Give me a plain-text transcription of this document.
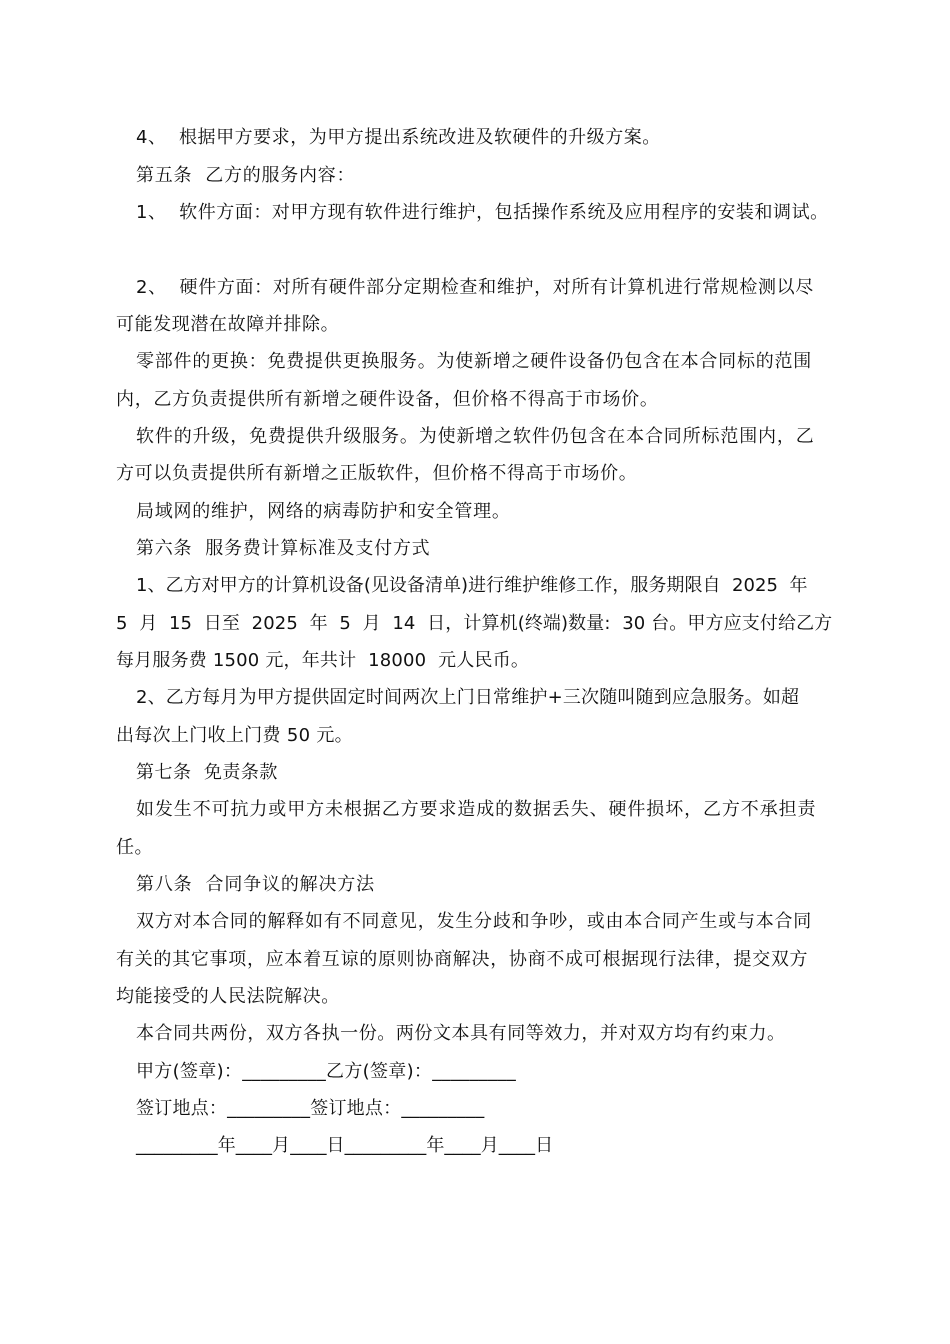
4、  根据甲方要求，为甲方提出系统改进及软硬件的升级方案。

第五条  乙方的服务内容：

1、  软件方面：对甲方现有软件进行维护，包括操作系统及应用程序的安装和调试。

2、  硬件方面：对所有硬件部分定期检查和维护，对所有计算机进行常规检测以尽

可能发现潜在故障并排除。

零部件的更换：免费提供更换服务。为使新增之硬件设备仍包含在本合同标的范围

内，乙方负责提供所有新增之硬件设备，但价格不得高于市场价。

软件的升级，免费提供升级服务。为使新增之软件仍包含在本合同所标范围内，乙

方可以负责提供所有新增之正版软件，但价格不得高于市场价。

局域网的维护，网络的病毒防护和安全管理。

第六条  服务费计算标准及支付方式

1、乙方对甲方的计算机设备(见设备清单)进行维护维修工作，服务期限自  2025  年

5  月  15  日至  2025  年  5  月  14  日，计算机(终端)数量:  30 台。甲方应支付给乙方

每月服务费 1500 元，年共计  18000  元人民币。

2、乙方每月为甲方提供固定时间两次上门日常维护+三次随叫随到应急服务。如超

出每次上门收上门费 50 元。

第七条  免责条款

如发生不可抗力或甲方未根据乙方要求造成的数据丢失、硬件损坏，乙方不承担责

任。

第八条  合同争议的解决方法

双方对本合同的解释如有不同意见，发生分歧和争吵，或由本合同产生或与本合同

有关的其它事项，应本着互谅的原则协商解决，协商不成可根据现行法律，提交双方

均能接受的人民法院解决。

本合同共两份，双方各执一份。两份文本具有同等效力，并对双方均有约束力。

甲方(签章)：_________乙方(签章)：_________

签订地点：_________签订地点：_________

_________年____月____日_________年____月____日
